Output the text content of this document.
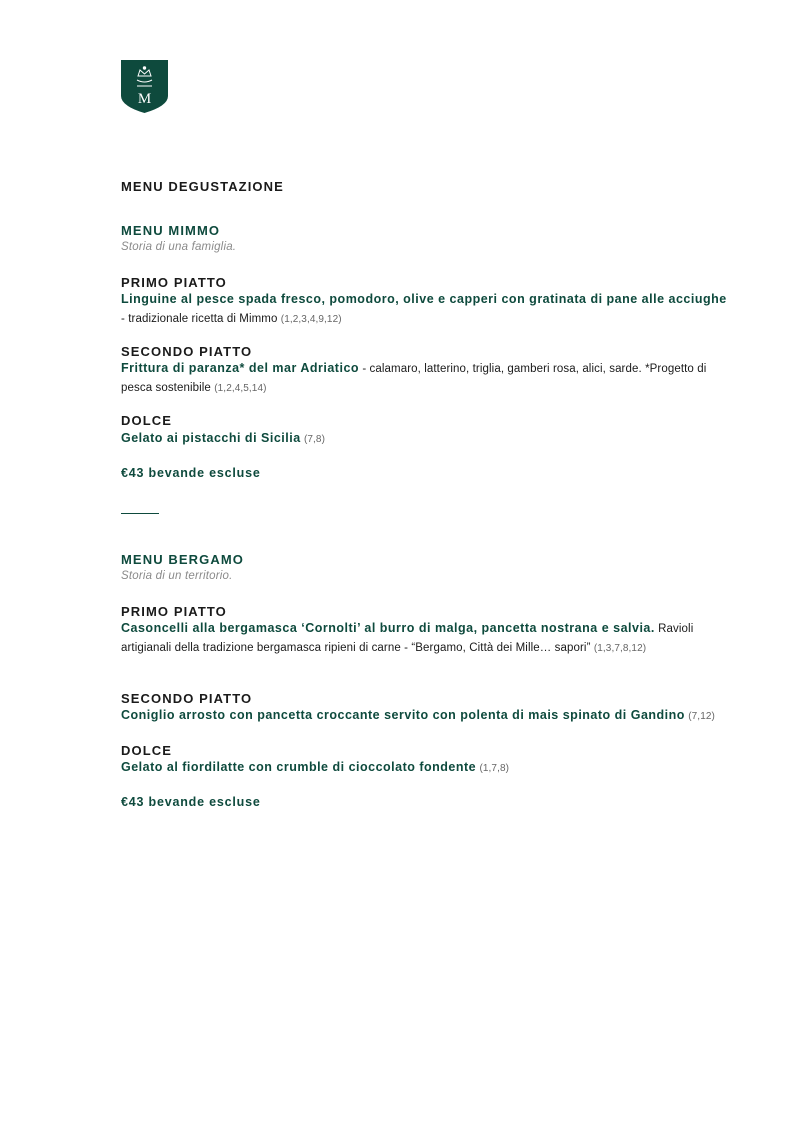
M
MENU DEGUSTAZIONE
MENU MIMMO
Storia di una famiglia.
PRIMO PIATTO
Linguine al pesce spada fresco, pomodoro, olive e capperi con gratinata di pane alle acciughe - tradizionale ricetta di Mimmo (1,2,3,4,9,12)
SECONDO PIATTO
Frittura di paranza* del mar Adriatico - calamaro, latterino, triglia, gamberi rosa, alici, sarde. *Progetto di pesca sostenibile (1,2,4,5,14)
DOLCE
Gelato ai pistacchi di Sicilia (7,8)
€43 bevande escluse
MENU BERGAMO
Storia di un territorio.
PRIMO PIATTO
Casoncelli alla bergamasca ‘Cornolti’ al burro di malga, pancetta nostrana e salvia. Ravioli artigianali della tradizione bergamasca ripieni di carne - “Bergamo, Città dei Mille… sapori” (1,3,7,8,12)
SECONDO PIATTO
Coniglio arrosto con pancetta croccante servito con polenta di mais spinato di Gandino (7,12)
DOLCE
Gelato al fiordilatte con crumble di cioccolato fondente (1,7,8)
€43 bevande escluse
